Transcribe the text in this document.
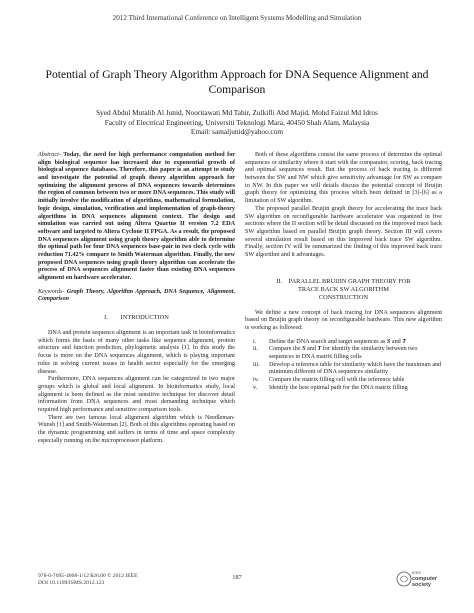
2012 Third International Conference on Intelligent Systems Modelling and Simulation
Potential of Graph Theory Algorithm Approach for DNA Sequence Alignment and
Comparison
Syed Abdul Mutalib Al Junid, Nooritawati Md Tahir, Zulkifli Abd Majid, Mohd Faizul Md Idros
Faculty of Electrical Engineering, Universiti Teknologi Mara, 40450 Shah Alam, Malaysia
Email: samaljunid@yahoo.com
Abstract- Today, the need for high performance computation method for align biological sequence has increased due to exponential growth of biological sequence databases. Therefore, this paper is an attempt to study and investigate the potential of graph theory algorithm approach for optimizing the alignment process of DNA sequences towards determines the region of common between two or more DNA sequences. This study will initially involve the modification of algorithms, mathematical formulation, logic design, simulation, verification and implementation of graph-theory algorithms in DNA sequences alignment context. The design and simulation was carried out using Altera Quartus II version 7.2 EDA software and targeted to Altera Cyclone II FPGA. As a result, the proposed DNA sequences alignment using graph theory algorithm able to determine the optimal path for four DNA sequences base-pair in two clock cycle with reduction 71.42% compare to Smith Waterman algorithm. Finally, the new proposed DNA sequences using graph theory algorithm can accelerate the process of DNA sequences alignment faster than existing DNA sequences alignment on hardware accelerator.
Keywords- Graph Theory, Algorithm Approach, DNA Sequence, Alignment, Comparison
I.  INTRODUCTION

DNA and protein sequence alignment is an important task in bioinformatics which forms the basis of many other tasks like sequence alignment, protein structure and function prediction, phylogenetic analysis [1]. In this study the focus is more on the DNA sequences alignment, which is playing important rules in solving current issues in health sector especially for the emerging disease.

Furthermore, DNA sequences alignment can be categorized in two major groups which is global and local alignment. In bioinformatics study, local alignment is been defined as the most sensitive technique for discover detail information from DNA sequences and most demanding technique which required high performance and sensitive comparison tools.

There are two famous local alignment algorithm which is Needleman-Wunsh [1] and Smith-Waterman [2]. Both of this algorithms operating based on the dynamic programming and suffers in terms of time and space complexity especially running on the microprocessor platform.

Both of these algorithms consist the same process of determine the optimal sequences or similarity where it start with the comparator, scoring, back tracing and optimal sequences result. But the process of back tracing is different between the SW and NW which give sensitivity advantage for SW as compare to NW. In this paper we will details discuss the potential concept of Bruijin graph theory for optimizing this process which been defined in [3]-[6] as a limitation of SW algorithm.

The proposed parallel Bruijin graph theory for accelerating the trace back SW algorithm on reconfigurable hardware accelerator was organized in five sections where the II section will be detail discussed on the improved trace back SW algorithm based on parallel Bruijin graph theory. Section III will covers several simulation result based on this improved back trace SW algorithm. Finally, section IV will be summarized the finding of this improved back trace SW algorithm and it advantages.

II. PARALLEL BRUIJIN GRAPH THEORY FOR
TRACE BACK SW ALGORITHM
CONSTRUCTION

We define a new concept of back tracing for DNA sequences alignment based on Bruijin graph theory on reconfigurable hardware. This new algorithm is working as followed:

i. Define the DNA search and target sequences as S and T
ii. Compare the S and T for identify the similarity between two sequences in DNA matrix filling cells
iii. Develop a reference table for similarity which have the maximum and minimum different of DNA sequences similarity
iv. Compare the matrix filling cell with the reference table
v. Identify the best optimal path for the DNA matrix filling
978-0-7695-4668-1/12 $26.00 © 2012 IEEE
DOI 10.1109/ISMS.2012.123
187
IEEE
computer
society
